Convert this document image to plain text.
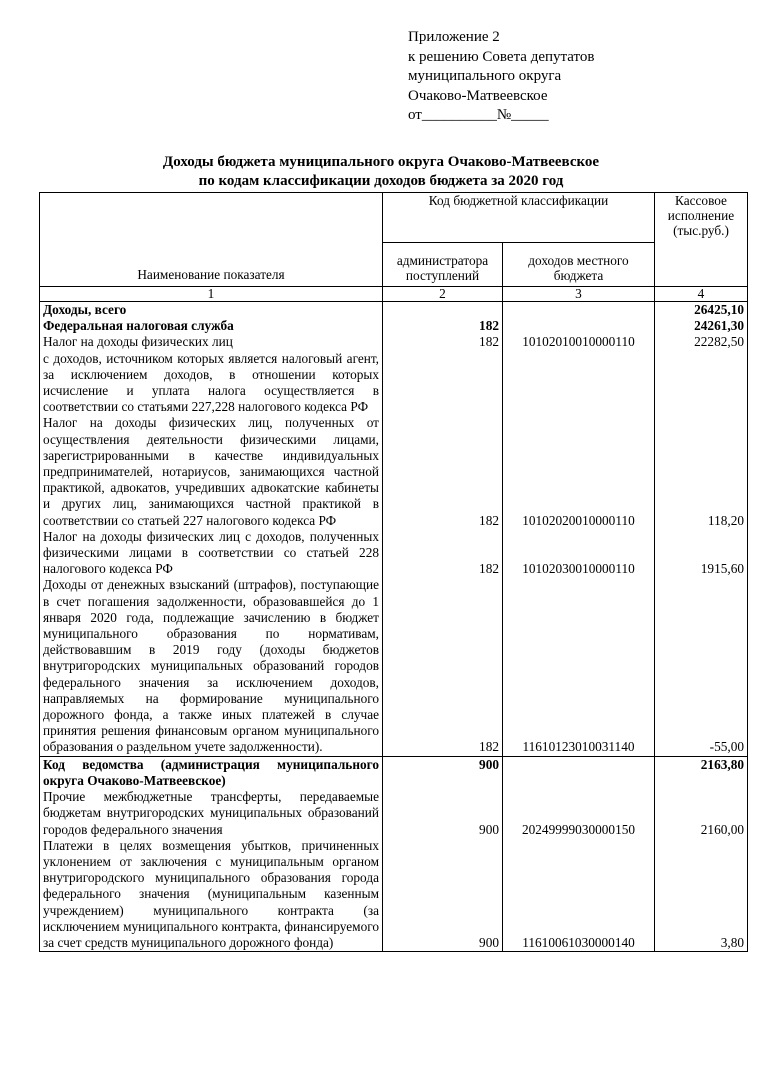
Приложение 2
к решению Совета депутатов
муниципального округа
Очаково-Матвеевское
от__________№_____
Доходы бюджета муниципального округа Очаково-Матвеевское
по кодам классификации доходов бюджета за 2020 год
Наименование показателя	Код бюджетной классификации		Кассовое исполнение (тыс.руб.)
	администратора поступлений	доходов местного бюджета	
1	2	3	4
Доходы, всего			26425,10
Федеральная налоговая служба	182		24261,30
Налог на доходы физических лиц	182	10102010010000110	22282,50
с доходов, источником которых является налоговый агент, за исключением доходов, в отношении которых исчисление и уплата налога осуществляется в соответствии со статьями 227,228 налогового кодекса РФ			
Налог на доходы физических лиц, полученных от осуществления деятельности физическими лицами, зарегистрированными в качестве индивидуальных предпринимателей, нотариусов, занимающихся частной практикой, адвокатов, учредивших адвокатские кабинеты и других лиц, занимающихся частной практикой в соответствии со статьей 227 налогового кодекса РФ	182	10102020010000110	118,20
Налог на доходы физических лиц с доходов, полученных физическими лицами в соответствии со статьей 228 налогового кодекса РФ	182	10102030010000110	1915,60
Доходы от денежных взысканий (штрафов), поступающие в счет погашения задолженности, образовавшейся до 1 января 2020 года, подлежащие зачислению в бюджет муниципального образования по нормативам, действовавшим в 2019 году (доходы бюджетов внутригородских муниципальных образований городов федерального значения за исключением доходов, направляемых на формирование муниципального дорожного фонда, а также иных платежей в случае принятия решения финансовым органом муниципального образования о раздельном учете задолженности).	182	11610123010031140	-55,00
Код ведомства (администрация муниципального округа Очаково-Матвеевское)	900		2163,80
Прочие межбюджетные трансферты, передаваемые бюджетам внутригородских муниципальных образований городов федерального значения	900	20249999030000150	2160,00
Платежи в целях возмещения убытков, причиненных уклонением от заключения с муниципальным органом внутригородского муниципального образования города федерального значения (муниципальным казенным учреждением) муниципального контракта (за исключением муниципального контракта, финансируемого за счет средств муниципального дорожного фонда)	900	11610061030000140	3,80
